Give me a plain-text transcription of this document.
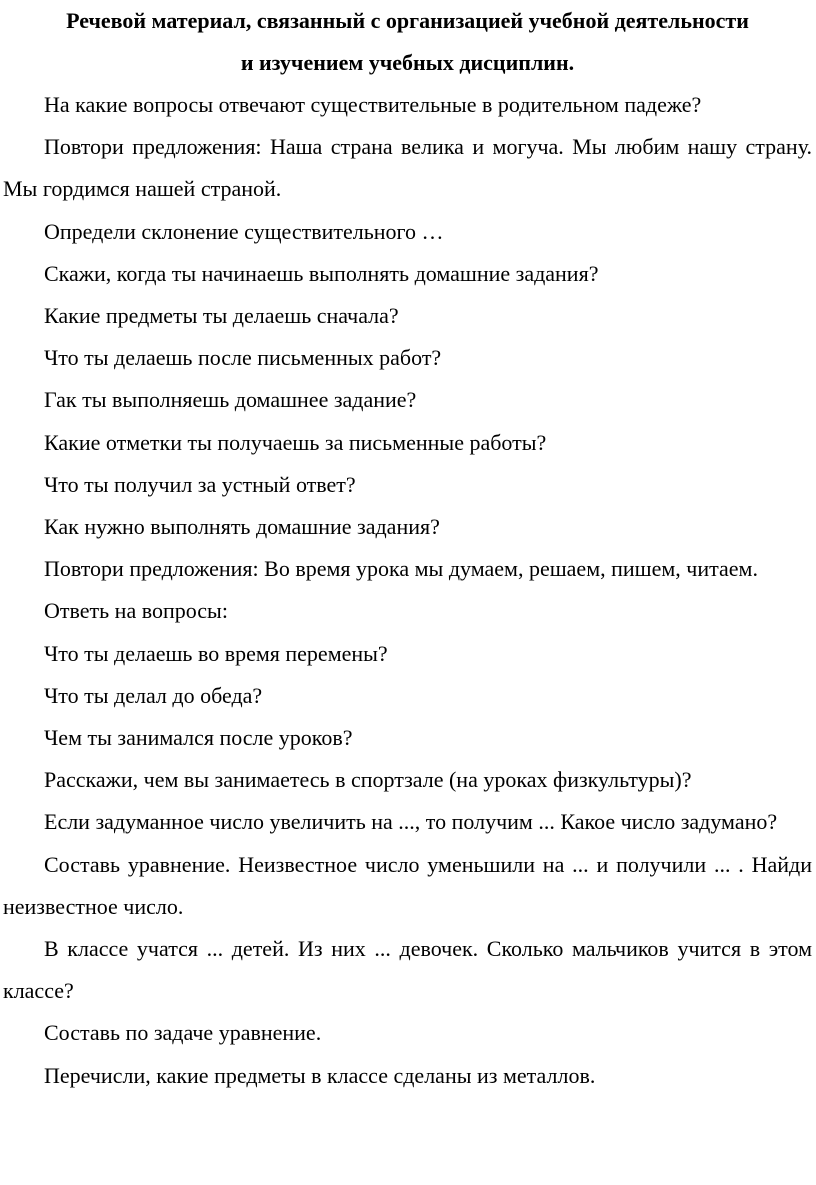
Речевой материал, связанный с организацией учебной деятельности
и изучением учебных дисциплин.

На какие вопросы отвечают существительные в родительном падеже?

Повтори предложения: Наша страна велика и могуча. Мы любим нашу страну. Мы гордимся нашей страной.

Определи склонение существительного …

Скажи, когда ты начинаешь выполнять домашние задания?

Какие предметы ты делаешь сначала?

Что ты делаешь после письменных работ?

Гак ты выполняешь домашнее задание?

Какие отметки ты получаешь за письменные работы?

Что ты получил за устный ответ?

Как нужно выполнять домашние задания?

Повтори предложения: Во время урока мы думаем, решаем, пишем, читаем.

Ответь на вопросы:

Что ты делаешь во время перемены?

Что ты делал до обеда?

Чем ты занимался после уроков?

Расскажи, чем вы занимаетесь в спортзале (на уроках физкультуры)?

Если задуманное число увеличить на ..., то получим ... Какое число задумано?

Составь уравнение. Неизвестное число уменьшили на ... и получили ... . Найди неизвестное число.

В классе учатся ... детей. Из них ... девочек. Сколько мальчиков учится в этом классе?

Составь по задаче уравнение.

Перечисли, какие предметы в классе сделаны из металлов.
